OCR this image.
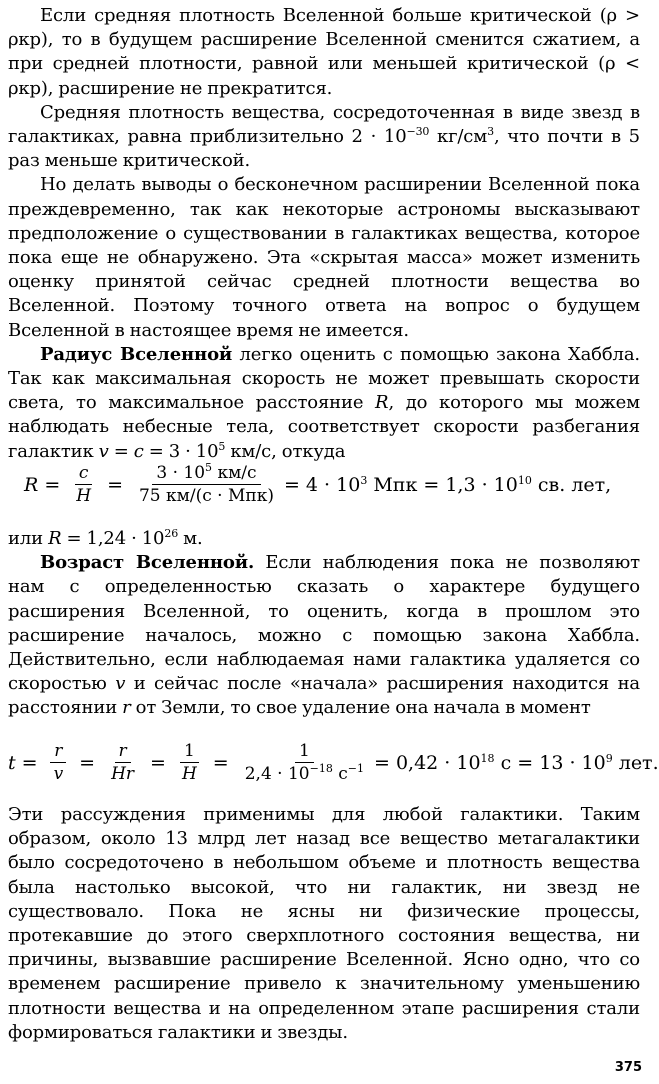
Если средняя плотность Вселенной больше критической (ρ > ρкр), то в будущем расширение Вселенной сменится сжатием, а при средней плотности, равной или меньшей критической (ρ < ρкр), расширение не прекратится.

Средняя плотность вещества, сосредоточенная в виде звезд в галактиках, равна приблизительно $2 \cdot 10^{-30}$ $кг/см^3$, что почти в 5 раз меньше критической.

Но делать выводы о бесконечном расширении Вселенной пока преждевременно, так как некоторые астрономы высказывают предположение о существовании в галактиках вещества, которое пока еще не обнаружено. Эта «скрытая масса» может изменить оценку принятой сейчас средней плотности вещества во Вселенной. Поэтому точного ответа на вопрос о будущем Вселенной в настоящее время не имеется.

Радиус Вселенной легко оценить с помощью закона Хаббла. Так как максимальная скорость не может превышать скорости света, то максимальное расстояние R, до которого мы можем наблюдать небесные тела, соответствует скорости разбегания галактик $v = c = 3 \cdot 10^5$ км/с, откуда

$R = \frac{c}{H} = \frac{3 \cdot 10^5 км/с}{\text{75 км/(с · Мпк)}} = 4 \cdot 10^3$ Мпк = $1,3 \cdot 10^{10}$ св. лет,

или $R = 1,24 \cdot 10^{26}$ м.

Возраст Вселенной. Если наблюдения пока не позволяют нам с определенностью сказать о характере будущего расширения Вселенной, то оценить, когда в прошлом это расширение началось, можно с помощью закона Хаббла. Действительно, если наблюдаемая нами галактика удаляется со скоростью v и сейчас после «начала» расширения находится на расстоянии r от Земли, то свое удаление она начала в момент

$t = \frac{r}{v} = \frac{r}{Hr} = \frac{1}{H} = \frac{1}{2,4 \cdot 10^{-18} с^{-1}} = 0,42 \cdot 10^{18}$ $с = 13 \cdot 10^9$ лет.

Эти рассуждения применимы для любой галактики. Таким образом, около 13 млрд лет назад все вещество метагалактики было сосредоточено в небольшом объеме и плотность вещества была настолько высокой, что ни галактик, ни звезд не существовало. Пока не ясны ни физические процессы, протекавшие до этого сверхплотного состояния вещества, ни причины, вызвавшие расширение Вселенной. Ясно одно, что со временем расширение привело к значительному уменьшению плотности вещества и на определенном этапе расширения стали формироваться галактики и звезды.

375
